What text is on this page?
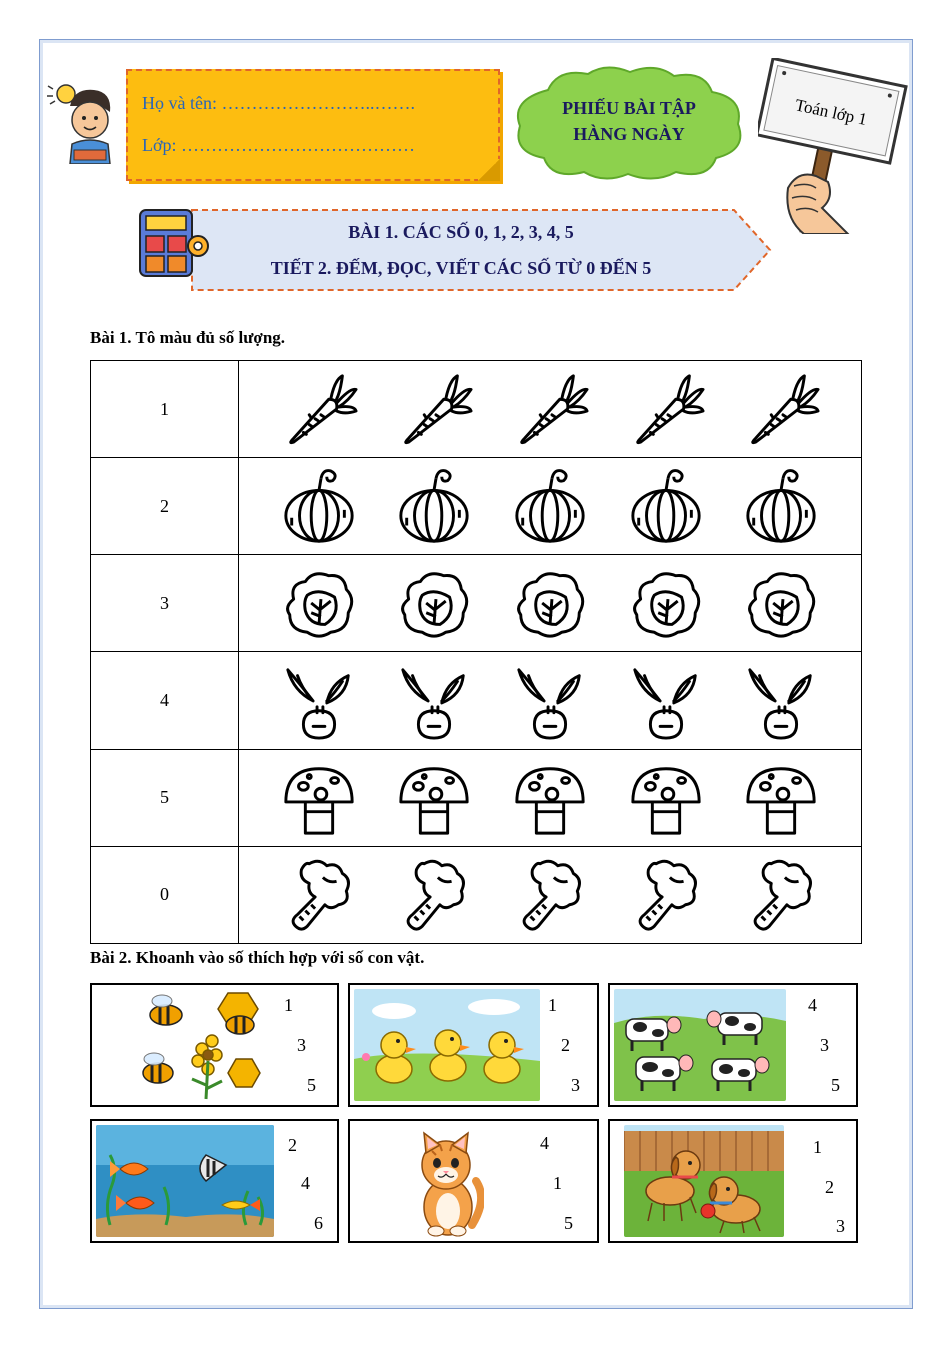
Họ và tên: ……………………..…….
Lớp: …………………………………
PHIẾU BÀI TẬP
HÀNG NGÀY
Toán lớp 1
BÀI 1. CÁC SỐ 0, 1, 2, 3, 4, 5
TIẾT 2. ĐẾM, ĐỌC, VIẾT CÁC SỐ TỪ 0 ĐẾN 5
Bài 1. Tô màu đủ số lượng.
1	

2	

3	

4	

5	

0	
Bài 2. Khoanh vào số thích hợp với số con vật.
1
3
5
1
2
3
4
3
5
2
4
6
4
1
5
1
2
3
